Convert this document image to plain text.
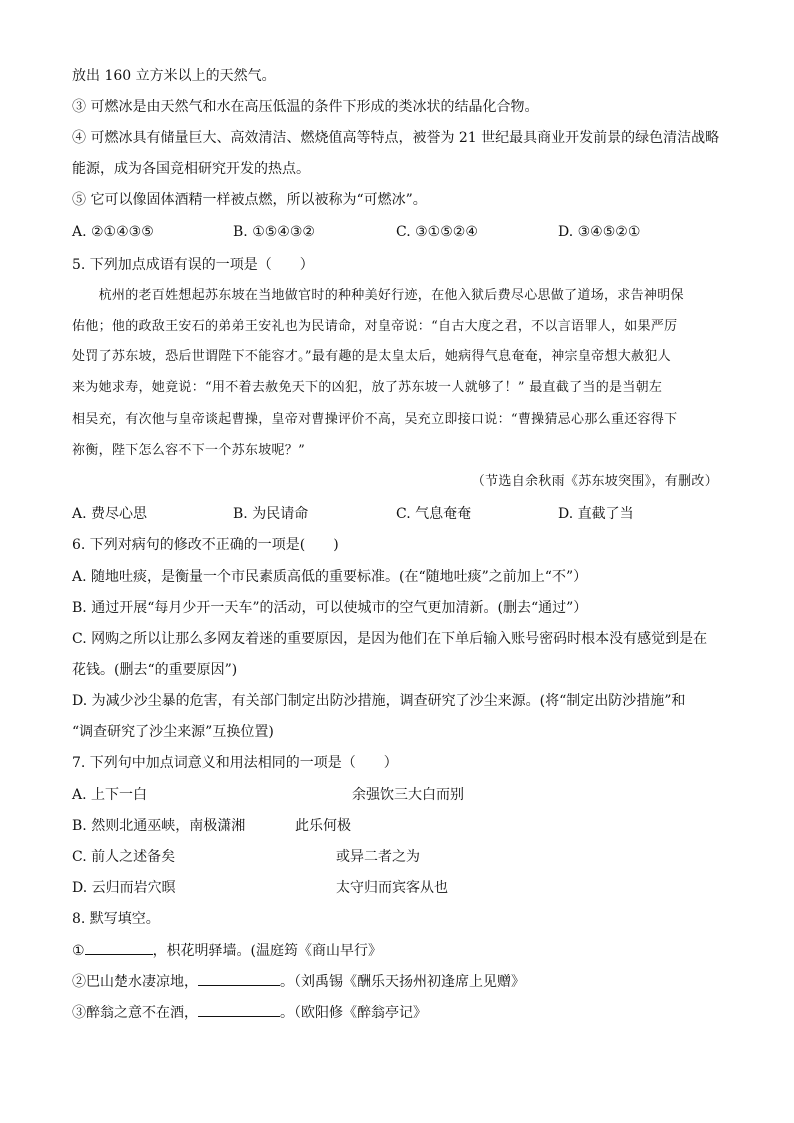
放出 160 立方米以上的天然气。
③ 可燃冰是由天然气和水在高压低温的条件下形成的类冰状的结晶化合物。
④ 可燃冰具有储量巨大、高效清洁、燃烧值高等特点，被誉为 21 世纪最具商业开发前景的绿色清洁战略
能源，成为各国竞相研究开发的热点。
⑤ 它可以像固体酒精一样被点燃，所以被称为“可燃冰”。
A. ②①④③⑤	B. ①⑤④③②	C. ③①⑤②④	D. ③④⑤②①
5. 下列加点成语有误的一项是（　　）
　　杭州的老百姓想起苏东坡在当地做官时的种种美好行迹，在他入狱后费尽心思做了道场，求告神明保
佑他；他的政敌王安石的弟弟王安礼也为民请命，对皇帝说：“自古大度之君，不以言语罪人，如果严厉
处罚了苏东坡，恐后世谓陛下不能容才。”最有趣的是太皇太后，她病得气息奄奄，神宗皇帝想大赦犯人
来为她求寿，她竟说：“用不着去赦免天下的凶犯，放了苏东坡一人就够了！” 最直截了当的是当朝左
相吴充，有次他与皇帝谈起曹操，皇帝对曹操评价不高，吴充立即接口说：“曹操猜忌心那么重还容得下
祢衡，陛下怎么容不下一个苏东坡呢？”
（节选自余秋雨《苏东坡突围》，有删改）
A. 费尽心思	B. 为民请命	C. 气息奄奄	D. 直截了当
6. 下列对病句的修改不正确的一项是(　　)
A. 随地吐痰，是衡量一个市民素质高低的重要标准。(在“随地吐痰”之前加上“不”）
B. 通过开展“每月少开一天车”的活动，可以使城市的空气更加清新。(删去“通过”）
C. 网购之所以让那么多网友着迷的重要原因，是因为他们在下单后输入账号密码时根本没有感觉到是在
花钱。(删去“的重要原因”)
D. 为减少沙尘暴的危害，有关部门制定出防沙措施，调查研究了沙尘来源。(将“制定出防沙措施”和
“调查研究了沙尘来源”互换位置)
7. 下列句中加点词意义和用法相同的一项是（　　）
A. 上下一白	余强饮三大白而别
B. 然则北通巫峡，南极潇湘	此乐何极
C. 前人之述备矣	或异二者之为
D. 云归而岩穴暝	太守归而宾客从也
8. 默写填空。
①	，枳花明驿墙。(温庭筠《商山早行》
②巴山楚水凄凉地，	。（刘禹锡《酬乐天扬州初逢席上见赠》
③醉翁之意不在酒，	。（欧阳修《醉翁亭记》
